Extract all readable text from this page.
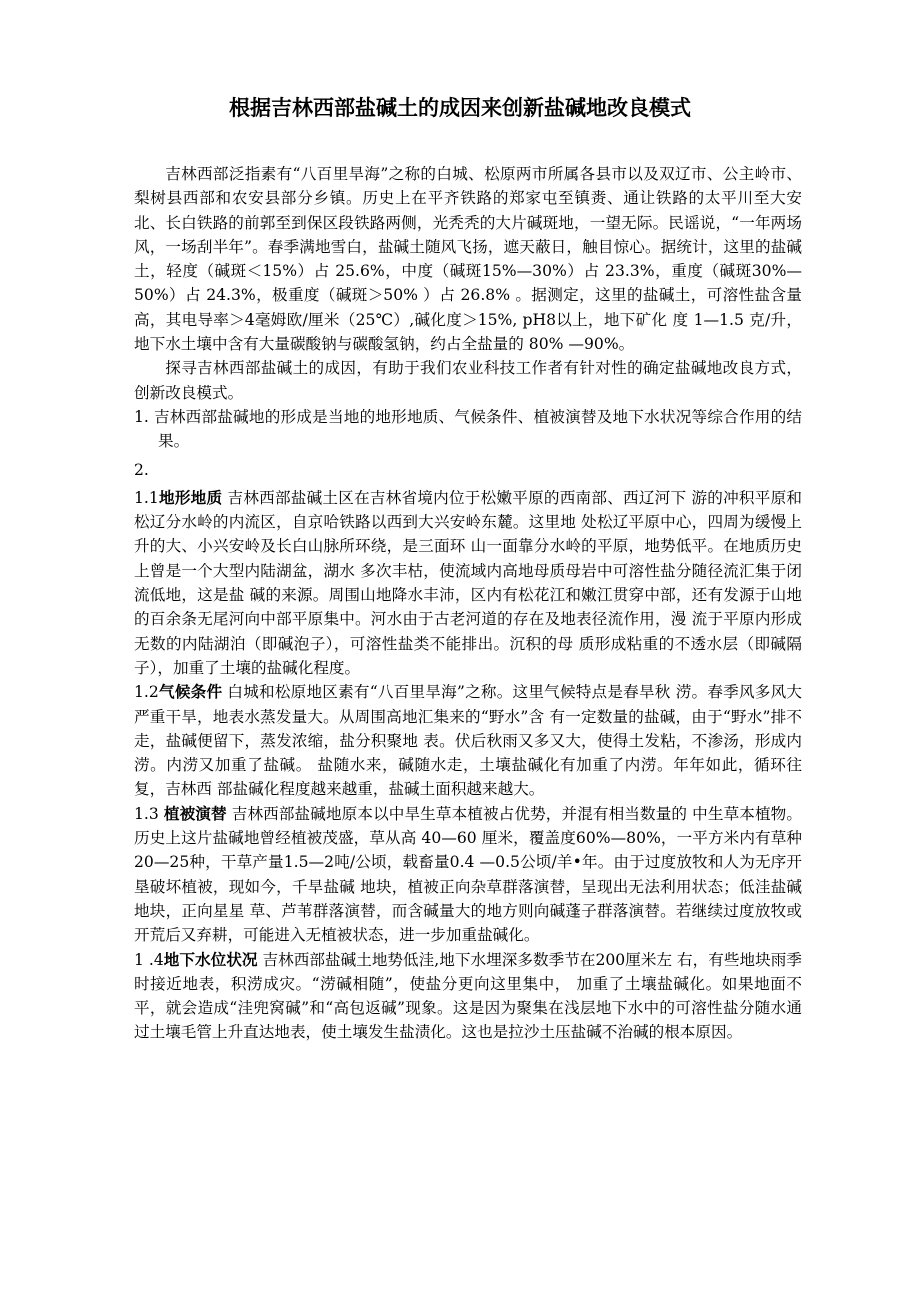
根据吉林西部盐碱土的成因来创新盐碱地改良模式

吉林西部泛指素有“八百里旱海”之称的白城、松原两市所属各县市以及双辽市、公主岭市、梨树县西部和农安县部分乡镇。历史上在平齐铁路的郑家屯至镇赉、通让铁路的太平川至大安北、长白铁路的前郭至到保区段铁路两侧，光秃秃的大片碱斑地，一望无际。民谣说，“一年两场风，一场刮半年”。春季满地雪白，盐碱土随风飞扬，遮天蔽日，触目惊心。据统计，这里的盐碱土，轻度（碱斑＜15%）占 25.6%，中度（碱斑15%—30%）占 23.3%，重度（碱斑30%—50%）占 24.3%，极重度（碱斑＞50% ）占 26.8% 。据测定，这里的盐碱土，可溶性盐含量高，其电导率＞4毫姆欧/厘米（25℃）,碱化度＞15%, pH8以上，地下矿化 度 1—1.5 克/升，地下水土壤中含有大量碳酸钠与碳酸氢钠，约占全盐量的 80% —90%。

探寻吉林西部盐碱土的成因，有助于我们农业科技工作者有针对性的确定盐碱地改良方式，创新改良模式。

1. 吉林西部盐碱地的形成是当地的地形地质、气候条件、植被演替及地下水状况等综合作用的结果。

2.

1.1地形地质 吉林西部盐碱土区在吉林省境内位于松嫩平原的西南部、西辽河下 游的冲积平原和松辽分水岭的内流区，自京哈铁路以西到大兴安岭东麓。这里地 处松辽平原中心，四周为缓慢上升的大、小兴安岭及长白山脉所环绕，是三面环 山一面靠分水岭的平原，地势低平。在地质历史上曾是一个大型内陆湖盆，湖水 多次丰枯，使流域内高地母质母岩中可溶性盐分随径流汇集于闭流低地，这是盐 碱的来源。周围山地降水丰沛，区内有松花江和嫩江贯穿中部，还有发源于山地 的百余条无尾河向中部平原集中。河水由于古老河道的存在及地表径流作用，漫 流于平原内形成无数的内陆湖泊（即碱泡子），可溶性盐类不能排出。沉积的母 质形成粘重的不透水层（即碱隔子），加重了土壤的盐碱化程度。

1.2气候条件 白城和松原地区素有“八百里旱海”之称。这里气候特点是春旱秋 涝。春季风多风大严重干旱，地表水蒸发量大。从周围高地汇集来的“野水”含 有一定数量的盐碱，由于“野水”排不走，盐碱便留下，蒸发浓缩，盐分积聚地 表。伏后秋雨又多又大，使得土发粘，不渗汤，形成内涝。内涝又加重了盐碱。 盐随水来，碱随水走，土壤盐碱化有加重了内涝。年年如此，循环往复，吉林西 部盐碱化程度越来越重，盐碱土面积越来越大。

1.3 植被演替 吉林西部盐碱地原本以中旱生草本植被占优势，并混有相当数量的 中生草本植物。历史上这片盐碱地曾经植被茂盛，草从高 40—60 厘米，覆盖度60%—80%，一平方米内有草种20—25种，干草产量1.5—2吨/公顷，载畜量0.4 —0.5公顷/羊•年。由于过度放牧和人为无序开垦破坏植被，现如今，千旱盐碱 地块，植被正向杂草群落演替，呈现出无法利用状态；低洼盐碱地块，正向星星 草、芦苇群落演替，而含碱量大的地方则向碱蓬子群落演替。若继续过度放牧或 开荒后又弃耕，可能进入无植被状态，进一步加重盐碱化。

1 .4地下水位状况 吉林西部盐碱土地势低洼,地下水埋深多数季节在200厘米左 右，有些地块雨季时接近地表，积涝成灾。“涝碱相随”，使盐分更向这里集中， 加重了土壤盐碱化。如果地面不平，就会造成“洼兜窝碱”和“高包返碱”现象。这是因为聚集在浅层地下水中的可溶性盐分随水通过土壤毛管上升直达地表，使土壤发生盐渍化。这也是拉沙土压盐碱不治碱的根本原因。
